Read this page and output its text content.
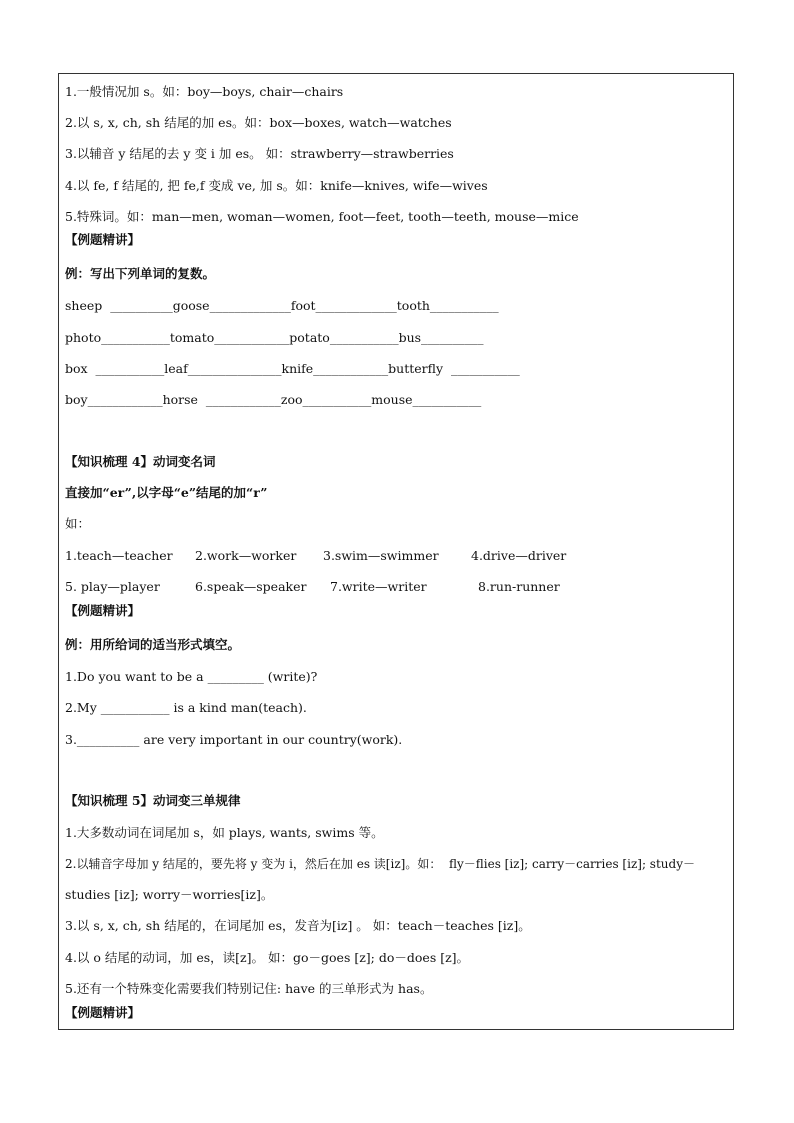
1.一般情况加 s。如：boy—boys, chair—chairs
2.以 s, x, ch, sh 结尾的加 es。如：box—boxes, watch—watches
3.以辅音 y 结尾的去 y 变 i 加 es。 如：strawberry—strawberries
4.以 fe, f 结尾的, 把 fe,f 变成 ve, 加 s。如：knife—knives, wife—wives
5.特殊词。如：man—men, woman—women, foot—feet, tooth—teeth, mouse—mice
【例题精讲】
例：写出下列单词的复数。
sheep  __________goose_____________foot_____________tooth___________
photo___________tomato____________potato___________bus__________
box  ___________leaf_______________knife____________butterfly  ___________
boy____________horse  ____________zoo___________mouse___________
【知识梳理 4】动词变名词
直接加“er”,以字母“e”结尾的加“r”
如：
1.teach—teacher 2.work—worker 3.swim—swimmer	4.drive—driver
5. play—player	6.speak—speaker 7.write—writer	8.run-runner
【例题精讲】
例：用所给词的适当形式填空。
1.Do you want to be a _________ (write)?
2.My ___________ is a kind man(teach).
3.__________ are very important in our country(work).
【知识梳理 5】动词变三单规律
1.大多数动词在词尾加 s，如 plays, wants, swims 等。
2.以辅音字母加 y 结尾的，要先将 y 变为 i，然后在加 es 读[iz]。如：  fly－flies [iz]; carry－carries [iz]; study－
studies [iz]; worry－worries[iz]。
3.以 s, x, ch, sh 结尾的，在词尾加 es，发音为[iz] 。 如：teach－teaches [iz]。
4.以 o 结尾的动词，加 es，读[z]。 如：go－goes [z]; do－does [z]。
5.还有一个特殊变化需要我们特别记住: have 的三单形式为 has。
【例题精讲】
